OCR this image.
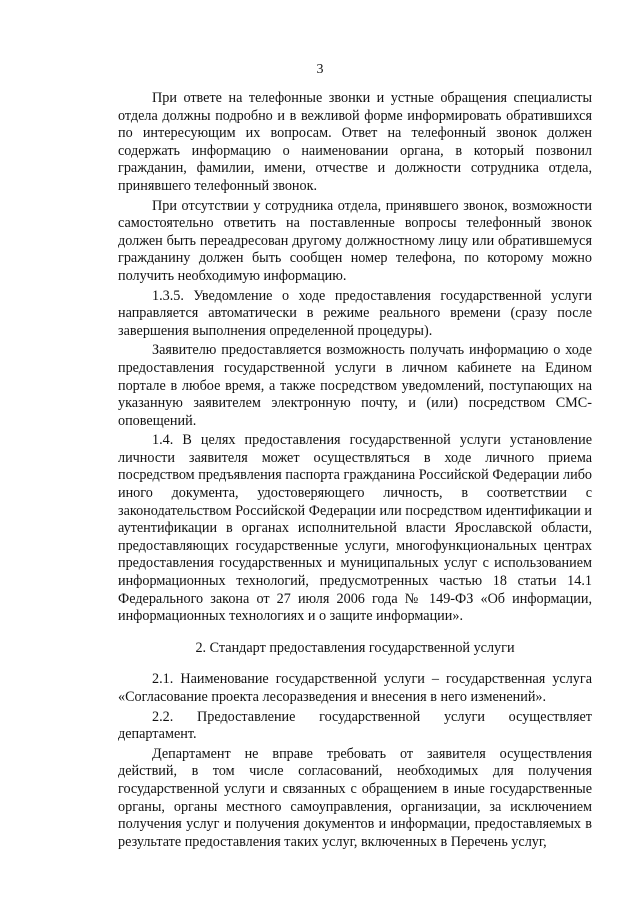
3

При ответе на телефонные звонки и устные обращения специалисты отдела должны подробно и в вежливой форме информировать обратившихся по интересующим их вопросам. Ответ на телефонный звонок должен содержать информацию о наименовании органа, в который позвонил гражданин, фамилии, имени, отчестве и должности сотрудника отдела, принявшего телефонный звонок.

При отсутствии у сотрудника отдела, принявшего звонок, возможности самостоятельно ответить на поставленные вопросы телефонный звонок должен быть переадресован другому должностному лицу или обратившемуся гражданину должен быть сообщен номер телефона, по которому можно получить необходимую информацию.

1.3.5. Уведомление о ходе предоставления государственной услуги направляется автоматически в режиме реального времени (сразу после завершения выполнения определенной процедуры).

Заявителю предоставляется возможность получать информацию о ходе предоставления государственной услуги в личном кабинете на Едином портале в любое время, а также посредством уведомлений, поступающих на указанную заявителем электронную почту, и (или) посредством СМС-оповещений.

1.4. В целях предоставления государственной услуги установление личности заявителя может осуществляться в ходе личного приема посредством предъявления паспорта гражданина Российской Федерации либо иного документа, удостоверяющего личность, в соответствии с законодательством Российской Федерации или посредством идентификации и аутентификации в органах исполнительной власти Ярославской области, предоставляющих государственные услуги, многофункциональных центрах предоставления государственных и муниципальных услуг с использованием информационных технологий, предусмотренных частью 18 статьи 14.1 Федерального закона от 27 июля 2006 года № 149-ФЗ «Об информации, информационных технологиях и о защите информации».

2. Стандарт предоставления государственной услуги

2.1. Наименование государственной услуги – государственная услуга «Согласование проекта лесоразведения и внесения в него изменений».

2.2. Предоставление государственной услуги осуществляет департамент.

Департамент не вправе требовать от заявителя осуществления действий, в том числе согласований, необходимых для получения государственной услуги и связанных с обращением в иные государственные органы, органы местного самоуправления, организации, за исключением получения услуг и получения документов и информации, предоставляемых в результате предоставления таких услуг, включенных в Перечень услуг,
